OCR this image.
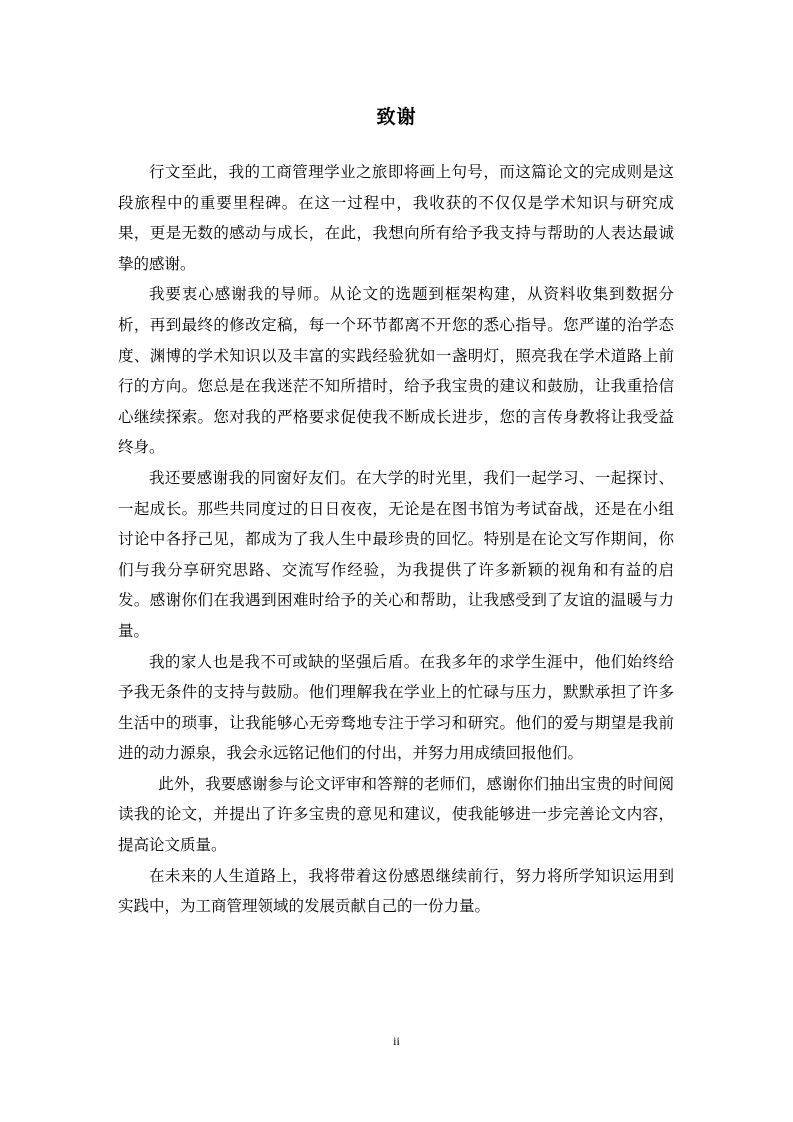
致谢

行文至此，我的工商管理学业之旅即将画上句号，而这篇论文的完成则是这段旅程中的重要里程碑。在这一过程中，我收获的不仅仅是学术知识与研究成果，更是无数的感动与成长，在此，我想向所有给予我支持与帮助的人表达最诚挚的感谢。

我要衷心感谢我的导师。从论文的选题到框架构建，从资料收集到数据分析，再到最终的修改定稿，每一个环节都离不开您的悉心指导。您严谨的治学态度、渊博的学术知识以及丰富的实践经验犹如一盏明灯，照亮我在学术道路上前行的方向。您总是在我迷茫不知所措时，给予我宝贵的建议和鼓励，让我重拾信心继续探索。您对我的严格要求促使我不断成长进步，您的言传身教将让我受益终身。

我还要感谢我的同窗好友们。在大学的时光里，我们一起学习、一起探讨、一起成长。那些共同度过的日日夜夜，无论是在图书馆为考试奋战，还是在小组讨论中各抒己见，都成为了我人生中最珍贵的回忆。特别是在论文写作期间，你们与我分享研究思路、交流写作经验，为我提供了许多新颖的视角和有益的启发。感谢你们在我遇到困难时给予的关心和帮助，让我感受到了友谊的温暖与力量。

我的家人也是我不可或缺的坚强后盾。在我多年的求学生涯中，他们始终给予我无条件的支持与鼓励。他们理解我在学业上的忙碌与压力，默默承担了许多生活中的琐事，让我能够心无旁骛地专注于学习和研究。他们的爱与期望是我前进的动力源泉，我会永远铭记他们的付出，并努力用成绩回报他们。

此外，我要感谢参与论文评审和答辩的老师们，感谢你们抽出宝贵的时间阅读我的论文，并提出了许多宝贵的意见和建议，使我能够进一步完善论文内容，提高论文质量。

在未来的人生道路上，我将带着这份感恩继续前行，努力将所学知识运用到实践中，为工商管理领域的发展贡献自己的一份力量。

ii
